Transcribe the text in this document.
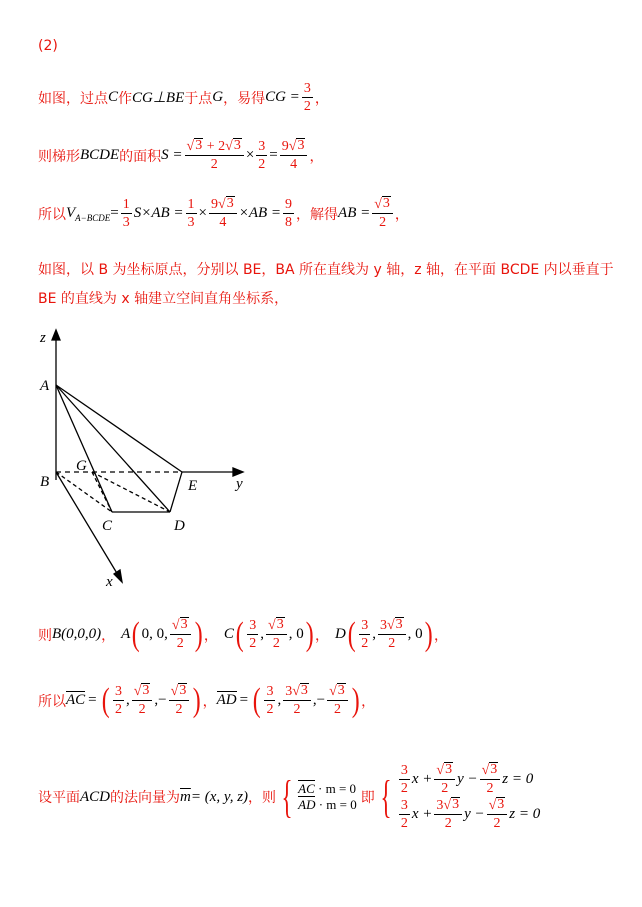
(2)
如图，过点 C 作 CG⊥BE 于点 G ，易得 CG = $\frac{3}{2}$ ，
则梯形 BCDE 的面积 $S = \frac{√ 3 + 2 √ 3}{2} \times \frac{3}{2} = \frac{9 √ 3}{4}$ ，
所以 $V_{A-BCDE} = \frac{1}{3} S\times AB = \frac{1}{3} \times \frac{9 √ 3}{4} \times AB = \frac{9}{8}$ ，解得 AB = $\frac{√ 3}{2}$ ，
如图，以 B 为坐标原点，分别以 BE，BA 所在直线为 y 轴，z 轴，在平面 BCDE 内以垂直于
BE 的直线为 x 轴建立空间直角坐标系，
z
A
G
B	E	y
C	D
x
则 B(0,0,0) ， A ( 0, 0, $\frac{√ 3}{2}$ ) ， C ( $\frac{3}{2}$ , $\frac{√ 3}{2}$ , 0 ) ， D ( $\frac{3}{2}$ , $\frac{3 √ 3}{2}$ , 0 ) ，
所以 AC = ( $\frac{3}{2}$ , $\frac{√ 3}{2}$ ,− $\frac{√ 3}{2}$ ) ， AD = ( $\frac{3}{2}$ , $\frac{3 √ 3}{2}$ ,− $\frac{√ 3}{2}$ ) ，
设平面 ACD 的法向量为 $\overline{m} = (x$, y, z) ，则 { AC · m = 0
AD · m = 0 即 { $\frac{3}{2}$ $x + \frac{√ 3}{2}$ $y - \frac{√ 3}{2}$ z = 0
$\frac{3}{2}$ $x + \frac{3 √ 3}{2}$ $y - \frac{√ 3}{2}$ z = 0
